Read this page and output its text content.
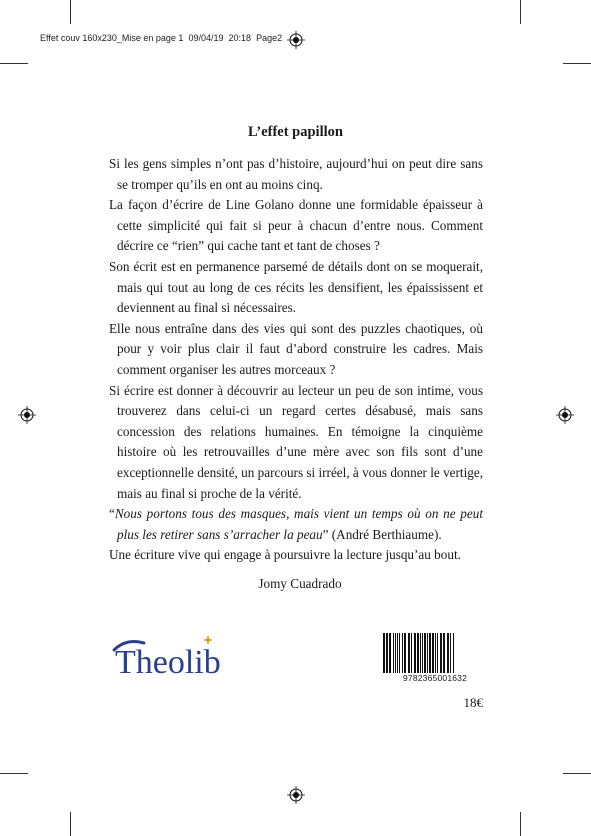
Effet couv 160x230_Mise en page 1 09/04/19 20:18 Page2
L’effet papillon

Si les gens simples n’ont pas d’histoire, aujourd’hui on peut dire sans se tromper qu’ils en ont au moins cinq.

La façon d’écrire de Line Golano donne une formidable épaisseur à cette simplicité qui fait si peur à chacun d’entre nous. Comment décrire ce “rien” qui cache tant et tant de choses ?

Son écrit est en permanence parsemé de détails dont on se moquerait, mais qui tout au long de ces récits les densifient, les épaississent et deviennent au final si nécessaires.

Elle nous entraîne dans des vies qui sont des puzzles chaotiques, où pour y voir plus clair il faut d’abord construire les cadres. Mais comment organiser les autres morceaux ?

Si écrire est donner à découvrir au lecteur un peu de son intime, vous trouverez dans celui-ci un regard certes désabusé, mais sans concession des relations humaines. En témoigne la cinquième histoire où les retrouvailles d’une mère avec son fils sont d’une exceptionnelle densité, un parcours si irréel, à vous donner le vertige, mais au final si proche de la vérité.

“Nous portons tous des masques, mais vient un temps où on ne peut plus les retirer sans s’arracher la peau” (André Berthiaume).

Une écriture vive qui engage à poursuivre la lecture jusqu’au bout.

Jomy Cuadrado
Theolib	9782365001632
18€
